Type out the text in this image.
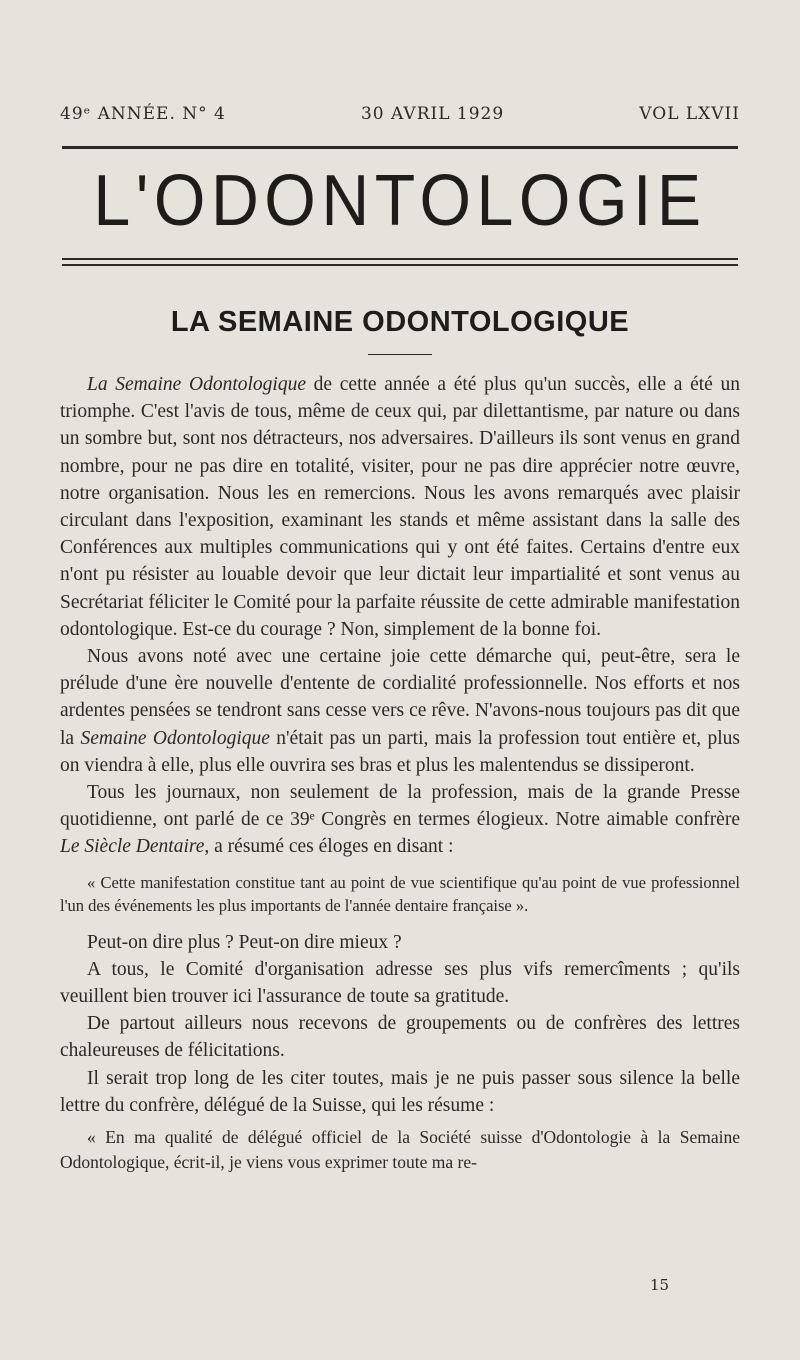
49ᵉ ANNÉE. N° 4	30 AVRIL 1929	VOL LXVII
L'ODONTOLOGIE
LA SEMAINE ODONTOLOGIQUE

La Semaine Odontologique de cette année a été plus qu'un succès, elle a été un triomphe. C'est l'avis de tous, même de ceux qui, par dilettantisme, par nature ou dans un sombre but, sont nos détracteurs, nos adversaires. D'ailleurs ils sont venus en grand nombre, pour ne pas dire en totalité, visiter, pour ne pas dire apprécier notre œuvre, notre organisation. Nous les en remercions. Nous les avons remarqués avec plaisir circulant dans l'exposition, examinant les stands et même assistant dans la salle des Conférences aux multiples communications qui y ont été faites. Certains d'entre eux n'ont pu résister au louable devoir que leur dictait leur impartialité et sont venus au Secrétariat féliciter le Comité pour la parfaite réussite de cette admirable manifestation odontologique. Est-ce du courage ? Non, simplement de la bonne foi.

Nous avons noté avec une certaine joie cette démarche qui, peut-être, sera le prélude d'une ère nouvelle d'entente de cordialité professionnelle. Nos efforts et nos ardentes pensées se tendront sans cesse vers ce rêve. N'avons-nous toujours pas dit que la Semaine Odontologique n'était pas un parti, mais la profession tout entière et, plus on viendra à elle, plus elle ouvrira ses bras et plus les malentendus se dissiperont.

Tous les journaux, non seulement de la profession, mais de la grande Presse quotidienne, ont parlé de ce 39ᵉ Congrès en termes élogieux. Notre aimable confrère Le Siècle Dentaire, a résumé ces éloges en disant :

« Cette manifestation constitue tant au point de vue scientifique qu'au point de vue professionnel l'un des événements les plus importants de l'année dentaire française ».

Peut-on dire plus ? Peut-on dire mieux ?

A tous, le Comité d'organisation adresse ses plus vifs remercîments ; qu'ils veuillent bien trouver ici l'assurance de toute sa gratitude.

De partout ailleurs nous recevons de groupements ou de confrères des lettres chaleureuses de félicitations.

Il serait trop long de les citer toutes, mais je ne puis passer sous silence la belle lettre du confrère, délégué de la Suisse, qui les résume :

« En ma qualité de délégué officiel de la Société suisse d'Odontologie à la Semaine Odontologique, écrit-il, je viens vous exprimer toute ma re-

15
